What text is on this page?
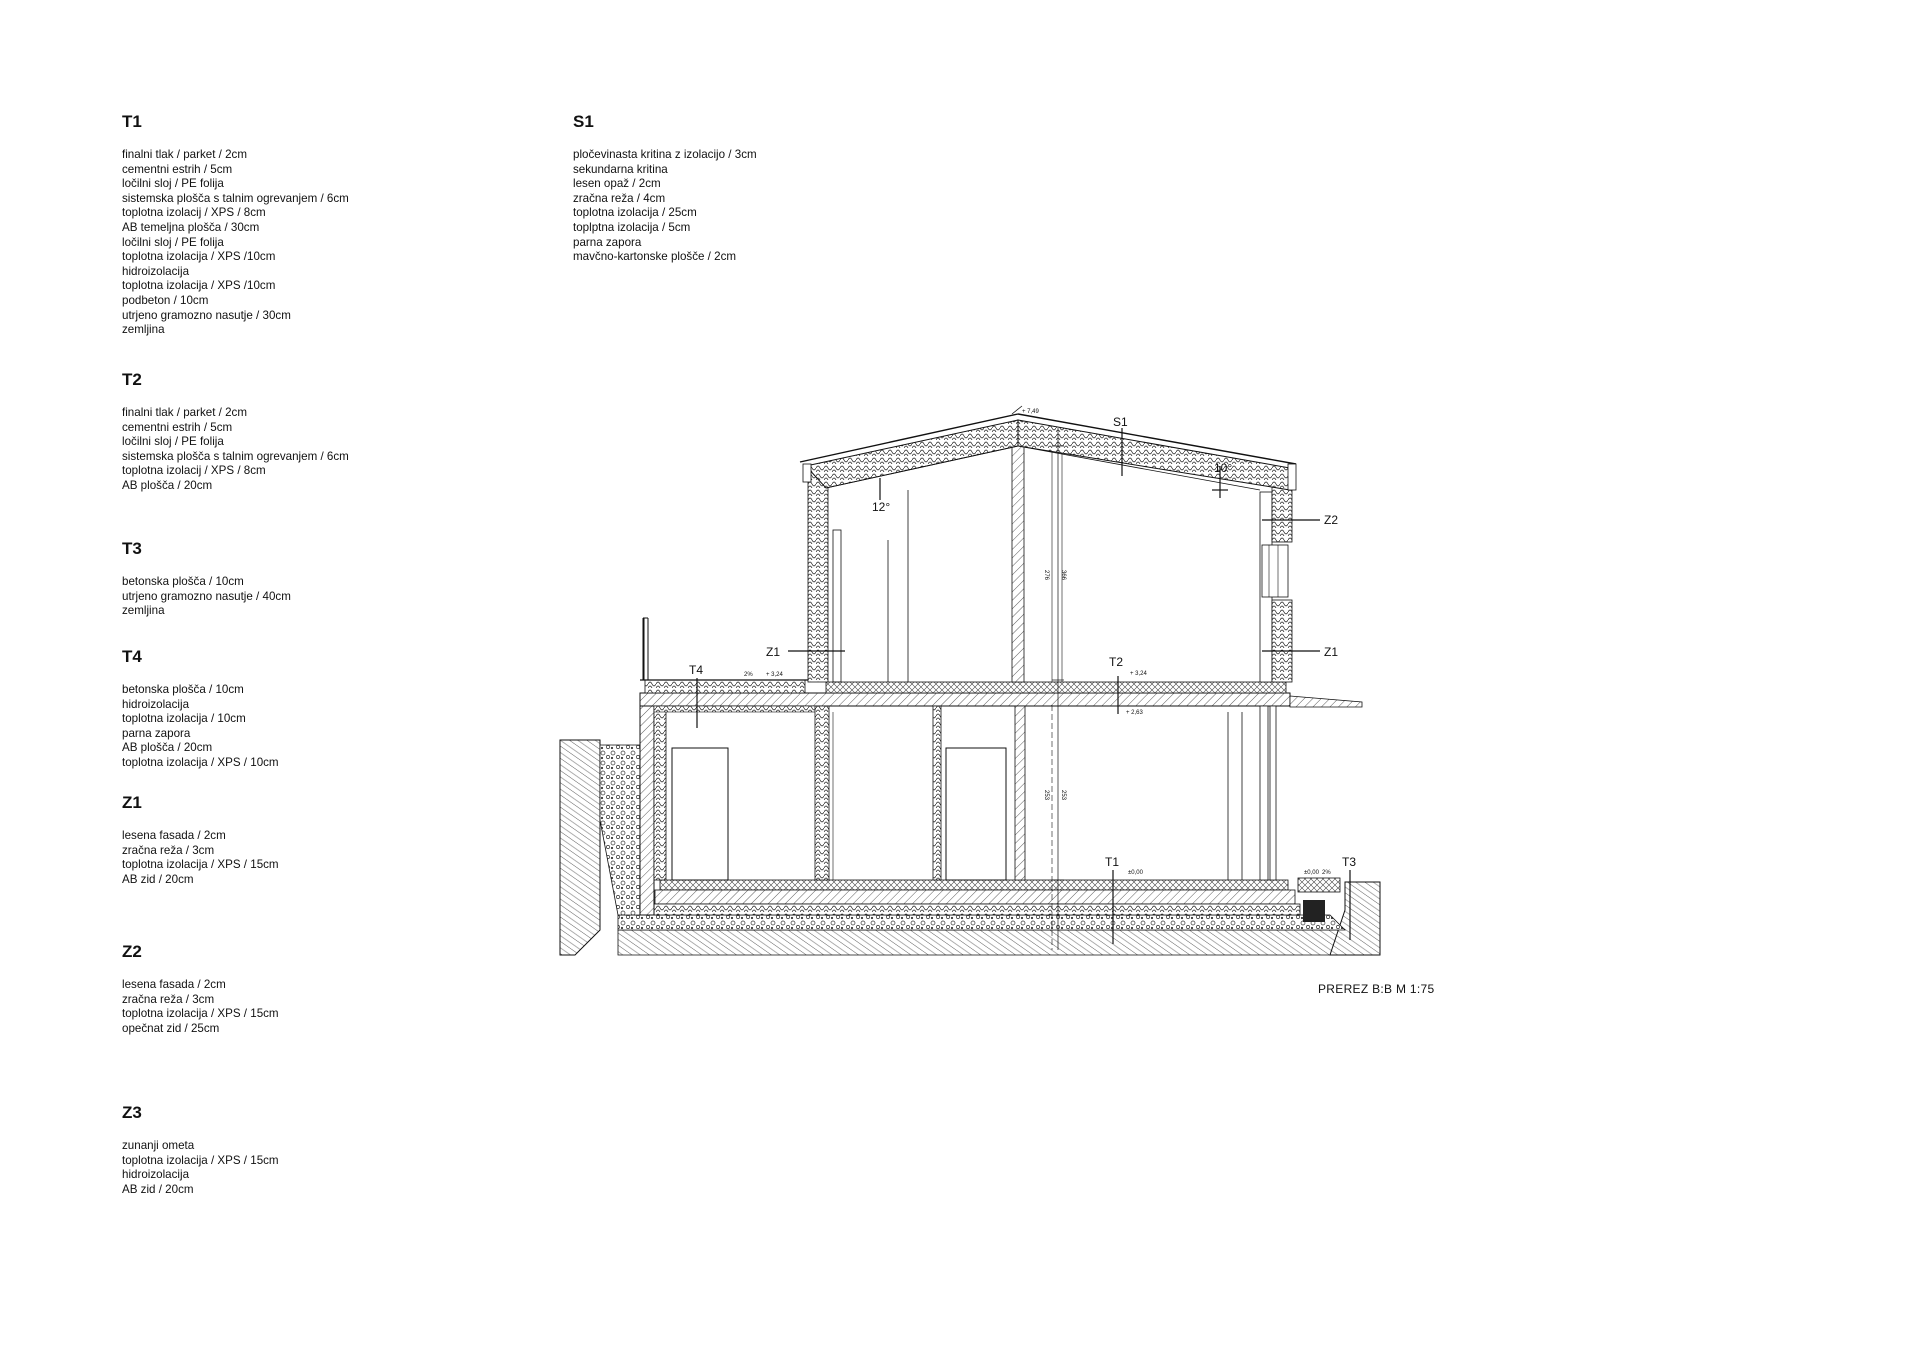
T1
finalni tlak / parket / 2cm
cementni estrih / 5cm
ločilni sloj / PE folija
sistemska plošča s talnim ogrevanjem / 6cm
toplotna izolacij / XPS / 8cm
AB temeljna plošča / 30cm
ločilni sloj / PE folija
toplotna izolacija / XPS /10cm
hidroizolacija
toplotna izolacija / XPS /10cm
podbeton / 10cm
utrjeno gramozno nasutje / 30cm
zemljina
T2
finalni tlak / parket / 2cm
cementni estrih / 5cm
ločilni sloj / PE folija
sistemska plošča s talnim ogrevanjem / 6cm
toplotna izolacij / XPS / 8cm
AB plošča / 20cm
T3
betonska plošča / 10cm
utrjeno gramozno nasutje / 40cm
zemljina
T4
betonska plošča / 10cm
hidroizolacija
toplotna izolacija / 10cm
parna zapora
AB plošča / 20cm
toplotna izolacija / XPS / 10cm
Z1
lesena fasada / 2cm
zračna reža / 3cm
toplotna izolacija / XPS / 15cm
AB zid / 20cm
Z2
lesena fasada / 2cm
zračna reža / 3cm
toplotna izolacija / XPS / 15cm
opečnat zid / 25cm
Z3
zunanji ometa
toplotna izolacija / XPS / 15cm
hidroizolacija
AB zid / 20cm
S1
pločevinasta kritina z izolacijo / 3cm
sekundarna kritina
lesen opaž / 2cm
zračna reža / 4cm
toplotna izolacija / 25cm
toplptna izolacija / 5cm
parna zapora
mavčno-kartonske plošče / 2cm
S1
Z2
Z1	Z1
T4
T2
T1	T3
12°
10°
+ 7,49
+ 3,24	+ 3,24
+ 2,63
±0,00	±0,00
2%
2%
276 366
253 253
PREREZ B:B M 1:75
